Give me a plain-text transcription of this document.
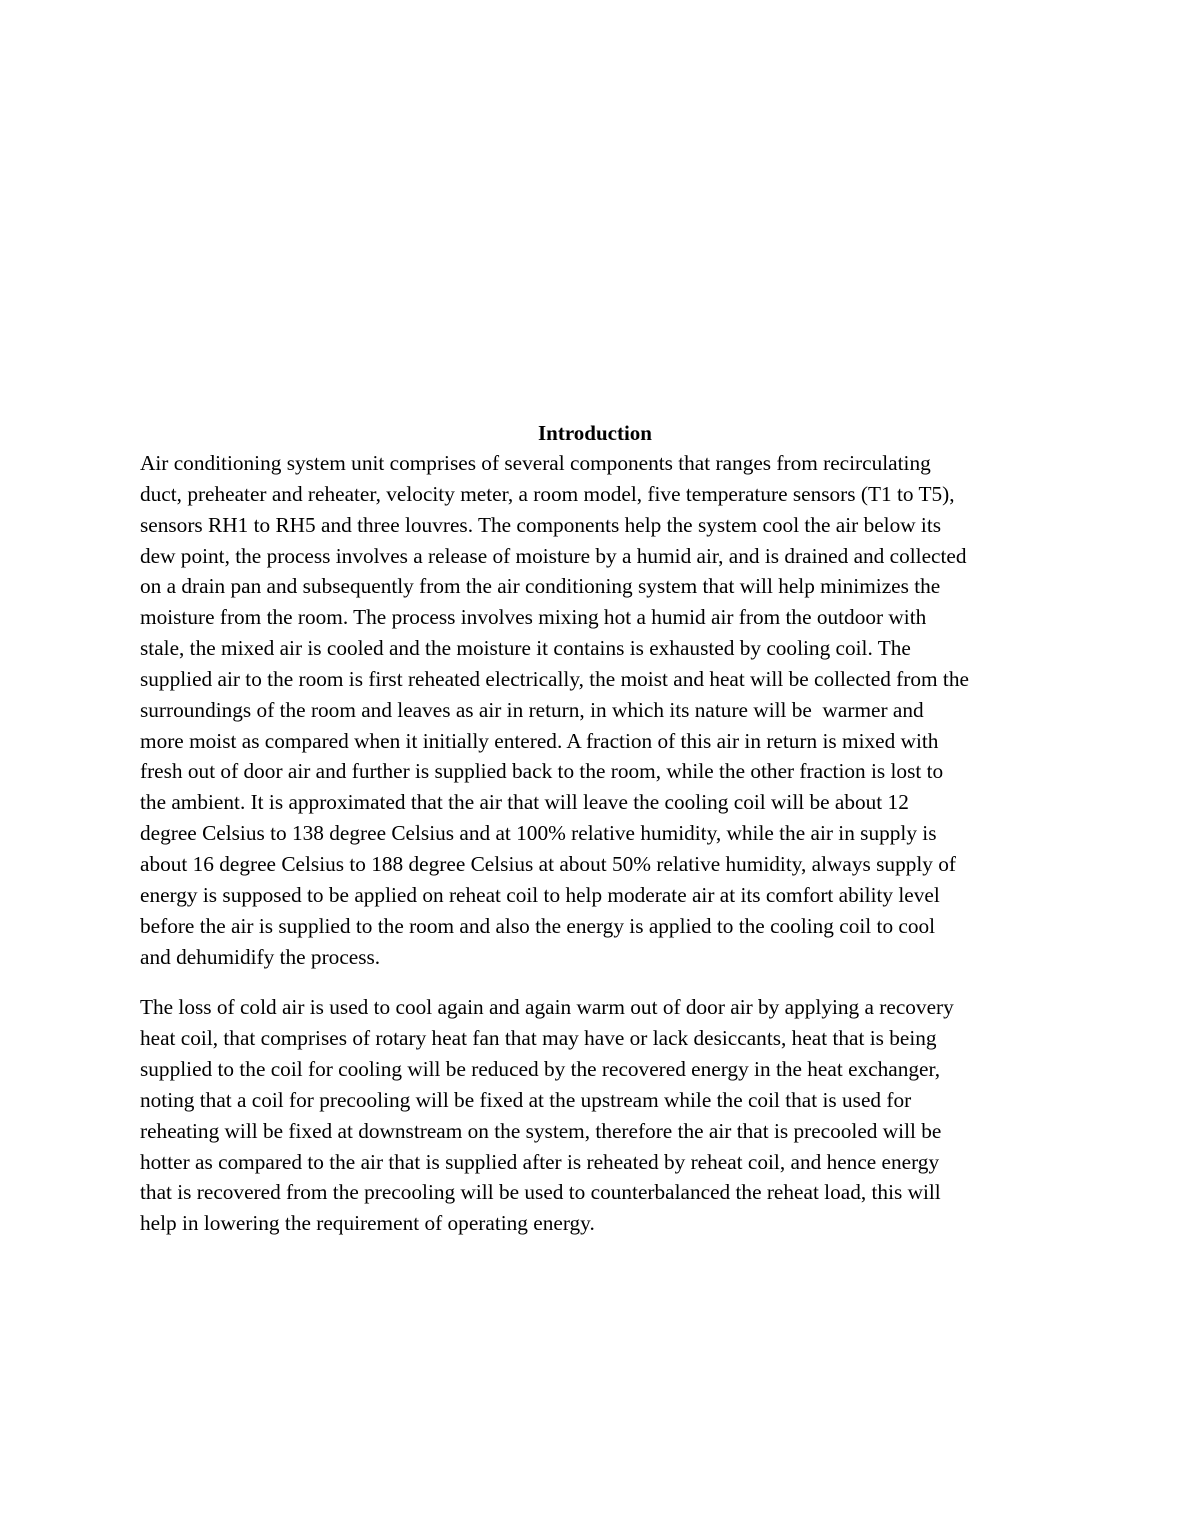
Introduction

Air conditioning system unit comprises of several components that ranges from recirculating
duct, preheater and reheater, velocity meter, a room model, five temperature sensors (T1 to T5),
sensors RH1 to RH5 and three louvres. The components help the system cool the air below its
dew point, the process involves a release of moisture by a humid air, and is drained and collected
on a drain pan and subsequently from the air conditioning system that will help minimizes the
moisture from the room. The process involves mixing hot a humid air from the outdoor with
stale, the mixed air is cooled and the moisture it contains is exhausted by cooling coil. The
supplied air to the room is first reheated electrically, the moist and heat will be collected from the
surroundings of the room and leaves as air in return, in which its nature will be  warmer and
more moist as compared when it initially entered. A fraction of this air in return is mixed with
fresh out of door air and further is supplied back to the room, while the other fraction is lost to
the ambient. It is approximated that the air that will leave the cooling coil will be about 12
degree Celsius to 138 degree Celsius and at 100% relative humidity, while the air in supply is
about 16 degree Celsius to 188 degree Celsius at about 50% relative humidity, always supply of
energy is supposed to be applied on reheat coil to help moderate air at its comfort ability level
before the air is supplied to the room and also the energy is applied to the cooling coil to cool
and dehumidify the process.

The loss of cold air is used to cool again and again warm out of door air by applying a recovery
heat coil, that comprises of rotary heat fan that may have or lack desiccants, heat that is being
supplied to the coil for cooling will be reduced by the recovered energy in the heat exchanger,
noting that a coil for precooling will be fixed at the upstream while the coil that is used for
reheating will be fixed at downstream on the system, therefore the air that is precooled will be
hotter as compared to the air that is supplied after is reheated by reheat coil, and hence energy
that is recovered from the precooling will be used to counterbalanced the reheat load, this will
help in lowering the requirement of operating energy.
